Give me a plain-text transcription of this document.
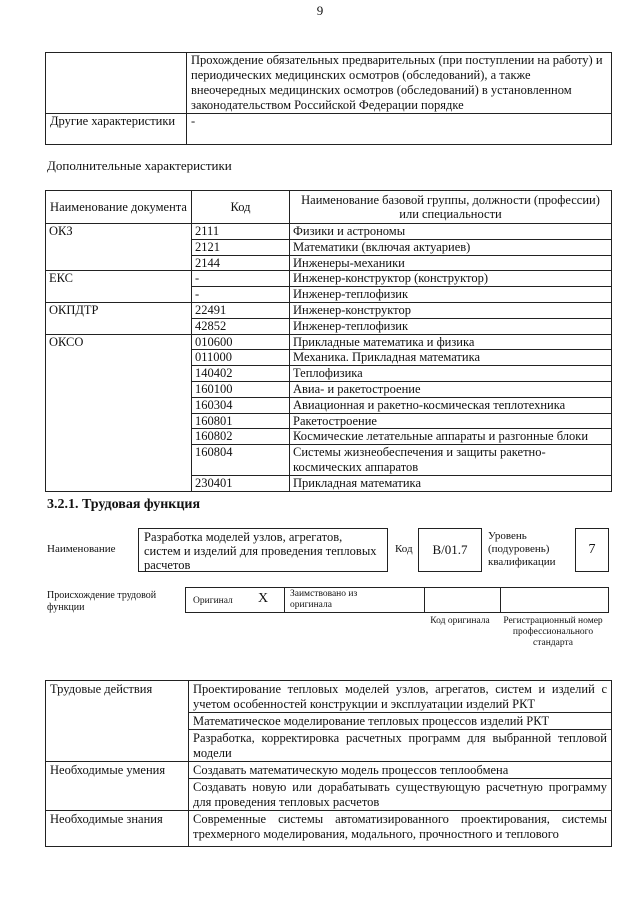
9
	Прохождение обязательных предварительных (при поступлении на работу) и периодических медицинских осмотров (обследований), а также внеочередных медицинских осмотров (обследований) в установленном законодательством Российской Федерации порядке
Другие характеристики	-
Дополнительные характеристики
Наименование документа	Код	Наименование базовой группы, должности (профессии) или специальности
ОКЗ	2111	Физики и астрономы
	2121	Математики (включая актуариев)
	2144	Инженеры-механики
ЕКС	-	Инженер-конструктор (конструктор)
	-	Инженер-теплофизик
ОКПДТР	22491	Инженер-конструктор
	42852	Инженер-теплофизик
ОКСО	010600	Прикладные математика и физика
	011000	Механика. Прикладная математика
	140402	Теплофизика
	160100	Авиа- и ракетостроение
	160304	Авиационная и ракетно-космическая теплотехника
	160801	Ракетостроение
	160802	Космические летательные аппараты и разгонные блоки
	160804	Системы жизнеобеспечения и защиты ракетно-космических аппаратов
	230401	Прикладная математика
3.2.1. Трудовая функция
Наименование
Разработка моделей узлов, агрегатов, систем и изделий для проведения тепловых расчетов
Код	B/01.7
Уровень (подуровень) квалификации
7
Происхождение трудовой функции
Оригинал X Заимствовано из оригинала
Код оригинала Регистрационный номер профессионального стандарта
Трудовые действия	Проектирование тепловых моделей узлов, агрегатов, систем и изделий с учетом особенностей конструкции и эксплуатации изделий РКТ
	Математическое моделирование тепловых процессов изделий РКТ
	Разработка, корректировка расчетных программ для выбранной тепловой модели
Необходимые умения	Создавать математическую модель процессов теплообмена
	Создавать новую или дорабатывать существующую расчетную программу для проведения тепловых расчетов
Необходимые знания	Современные системы автоматизированного проектирования, системы трехмерного моделирования, модального, прочностного и теплового
